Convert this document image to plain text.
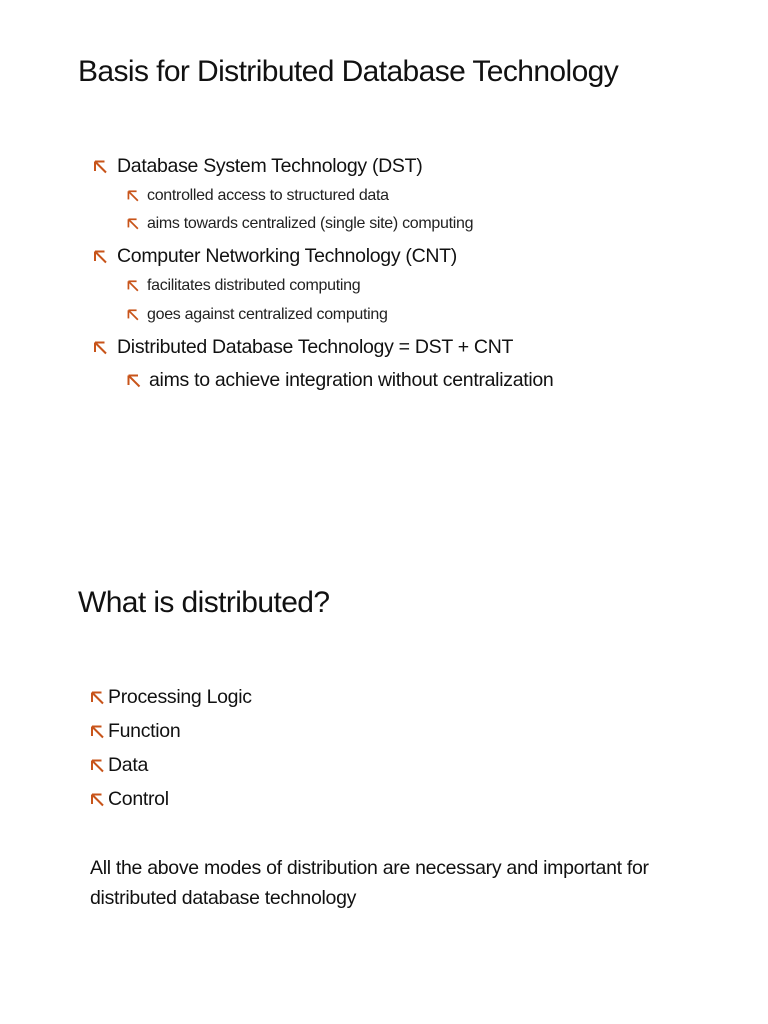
Basis for Distributed Database Technology
Database System Technology (DST)
controlled access to structured data
aims towards centralized (single site) computing
Computer Networking Technology (CNT)
facilitates distributed computing
goes against centralized computing
Distributed Database Technology = DST + CNT
aims to achieve integration without centralization
What is distributed?
Processing Logic
Function
Data
Control

All the above modes of distribution are necessary and important for distributed database technology
